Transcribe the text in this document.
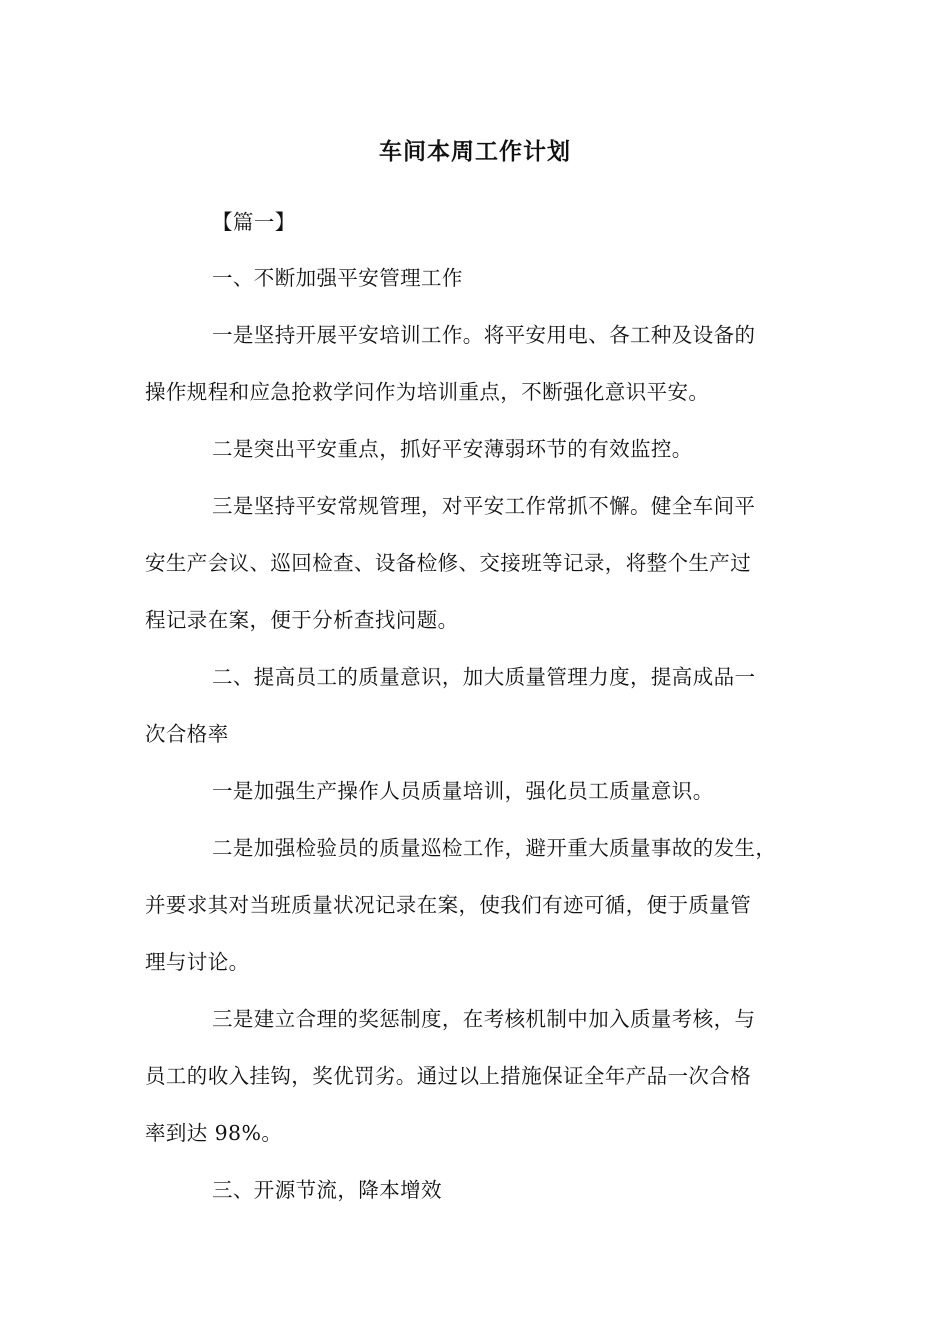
车间本周工作计划
【篇一】
一、不断加强平安管理工作
一是坚持开展平安培训工作。将平安用电、各工种及设备的
操作规程和应急抢救学问作为培训重点，不断强化意识平安。
二是突出平安重点，抓好平安薄弱环节的有效监控。
三是坚持平安常规管理，对平安工作常抓不懈。健全车间平
安生产会议、巡回检查、设备检修、交接班等记录，将整个生产过
程记录在案，便于分析查找问题。
二、提高员工的质量意识，加大质量管理力度，提高成品一
次合格率
一是加强生产操作人员质量培训，强化员工质量意识。
二是加强检验员的质量巡检工作，避开重大质量事故的发生，
并要求其对当班质量状况记录在案，使我们有迹可循，便于质量管
理与讨论。
三是建立合理的奖惩制度，在考核机制中加入质量考核，与
员工的收入挂钩，奖优罚劣。通过以上措施保证全年产品一次合格
率到达 98%。
三、开源节流，降本增效
